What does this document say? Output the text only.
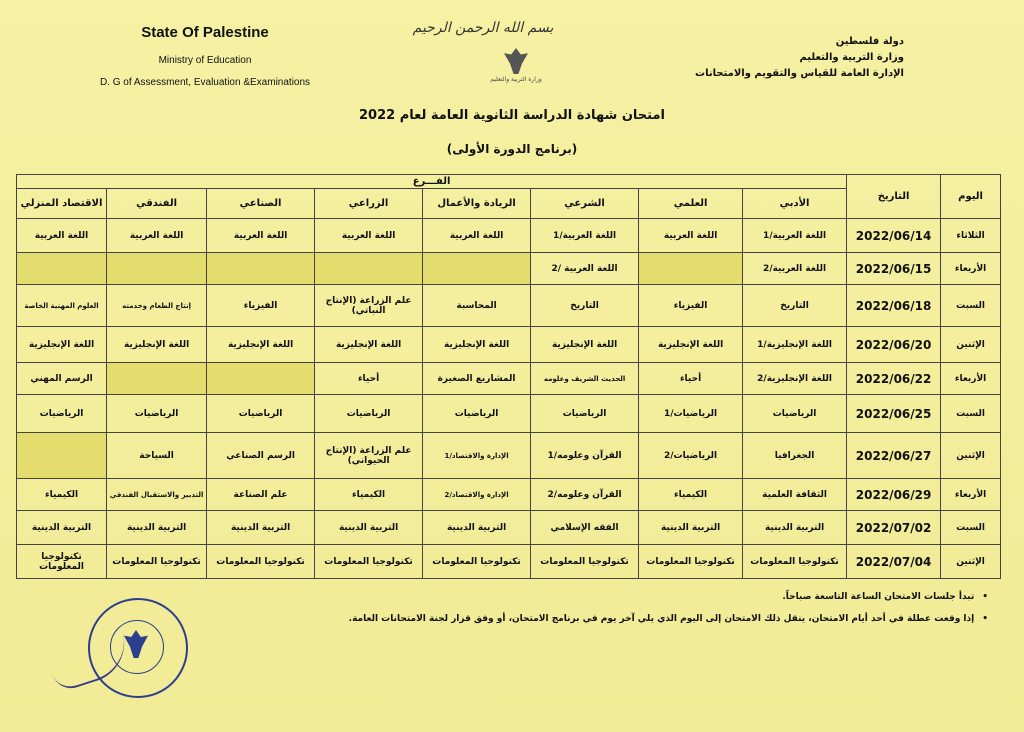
State Of Palestine
Ministry of Education
D. G of Assessment, Evaluation &Examinations
بسم الله الرحمن الرحيم
وزارة التربية والتعليم
دولة فلسطين
وزارة التربية والتعليم
الإدارة العامة للقياس والتقويم والامتحانات
امتحان شهادة الدراسة الثانوية العامة لعام 2022
(برنامج الدورة الأولى)
اليوم	التاريخ	الفـــرع							
		الأدبي	العلمي	الشرعي	الريادة والأعمال	الزراعي	الصناعي	الفندقي	الاقتصاد المنزلي
الثلاثاء	2022/06/14	اللغة العربية/1	اللغة العربية	اللغة العربية/1	اللغة العربية	اللغة العربية	اللغة العربية	اللغة العربية	اللغة العربية
الأربعاء	2022/06/15	اللغة العربية/2		اللغة العربية /2					
السبت	2022/06/18	التاريخ	الفيزياء	التاريخ	المحاسبة	علم الزراعة (الإنتاج النباتي)	الفيزياء	إنتاج الطعام وخدمته	العلوم المهنية الخاصة
الإثنين	2022/06/20	اللغة الإنجليزية/1	اللغة الإنجليزية	اللغة الإنجليزية	اللغة الإنجليزية	اللغة الإنجليزية	اللغة الإنجليزية	اللغة الإنجليزية	اللغة الإنجليزية
الأربعاء	2022/06/22	اللغة الإنجليزية/2	أحياء	الحديث الشريف وعلومه	المشاريع الصغيرة	أحياء			الرسم المهني
السبت	2022/06/25	الرياضيات	الرياضيات/1	الرياضيات	الرياضيات	الرياضيات	الرياضيات	الرياضيات	الرياضيات
الإثنين	2022/06/27	الجغرافيا	الرياضيات/2	القرآن وعلومه/1	الإدارة والاقتصاد/1	علم الزراعة (الإنتاج الحيواني)	الرسم الصناعي	السياحة	
الأربعاء	2022/06/29	الثقافة العلمية	الكيمياء	القرآن وعلومه/2	الإدارة والاقتصاد/2	الكيمياء	علم الصناعة	التدبير والاستقبال الفندقي	الكيمياء
السبت	2022/07/02	التربية الدينية	التربية الدينية	الفقه الإسلامي	التربية الدينية	التربية الدينية	التربية الدينية	التربية الدينية	التربية الدينية
الإثنين	2022/07/04	تكنولوجيا المعلومات	تكنولوجيا المعلومات	تكنولوجيا المعلومات	تكنولوجيا المعلومات	تكنولوجيا المعلومات	تكنولوجيا المعلومات	تكنولوجيا المعلومات	تكنولوجيا المعلومات
•تبدأ جلسات الامتحان الساعة التاسعة صباحاً.
•إذا وقعت عطلة في أحد أيام الامتحان، ينقل ذلك الامتحان إلى اليوم الذي يلي آخر يوم في برنامج الامتحان، أو وفق قرار لجنة الامتحانات العامة.
